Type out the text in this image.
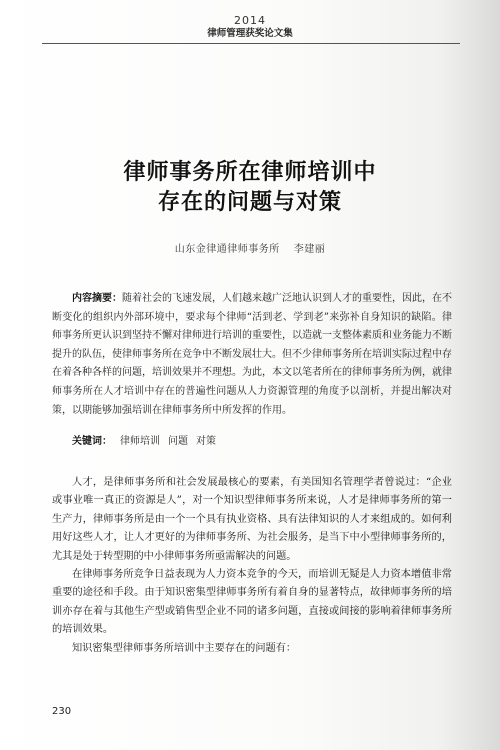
2014
律师管理获奖论文集
律师事务所在律师培训中
存在的问题与对策
山东金律通律师事务所 李建丽
内容摘要：随着社会的飞速发展，人们越来越广泛地认识到人才的重要性，因此，在不断变化的组织内外部环境中，要求每个律师“活到老、学到老”来弥补自身知识的缺陷。律师事务所更认识到坚持不懈对律师进行培训的重要性，以造就一支整体素质和业务能力不断提升的队伍，使律师事务所在竞争中不断发展壮大。但不少律师事务所在培训实际过程中存在着各种各样的问题，培训效果并不理想。为此，本文以笔者所在的律师事务所为例，就律师事务所在人才培训中存在的普遍性问题从人力资源管理的角度予以剖析，并提出解决对策，以期能够加强培训在律师事务所中所发挥的作用。
关键词： 律师培训 问题 对策

人才，是律师事务所和社会发展最核心的要素，有美国知名管理学者曾说过：“企业或事业唯一真正的资源是人”，对一个知识型律师事务所来说，人才是律师事务所的第一生产力，律师事务所是由一个一个具有执业资格、具有法律知识的人才来组成的。如何利用好这些人才，让人才更好的为律师事务所、为社会服务，是当下中小型律师事务所的，尤其是处于转型期的中小律师事务所亟需解决的问题。

在律师事务所竞争日益表现为人力资本竞争的今天，而培训无疑是人力资本增值非常重要的途径和手段。由于知识密集型律师事务所有着自身的显著特点，故律师事务所的培训亦存在着与其他生产型或销售型企业不同的诸多问题，直接或间接的影响着律师事务所的培训效果。

知识密集型律师事务所培训中主要存在的问题有：

230
